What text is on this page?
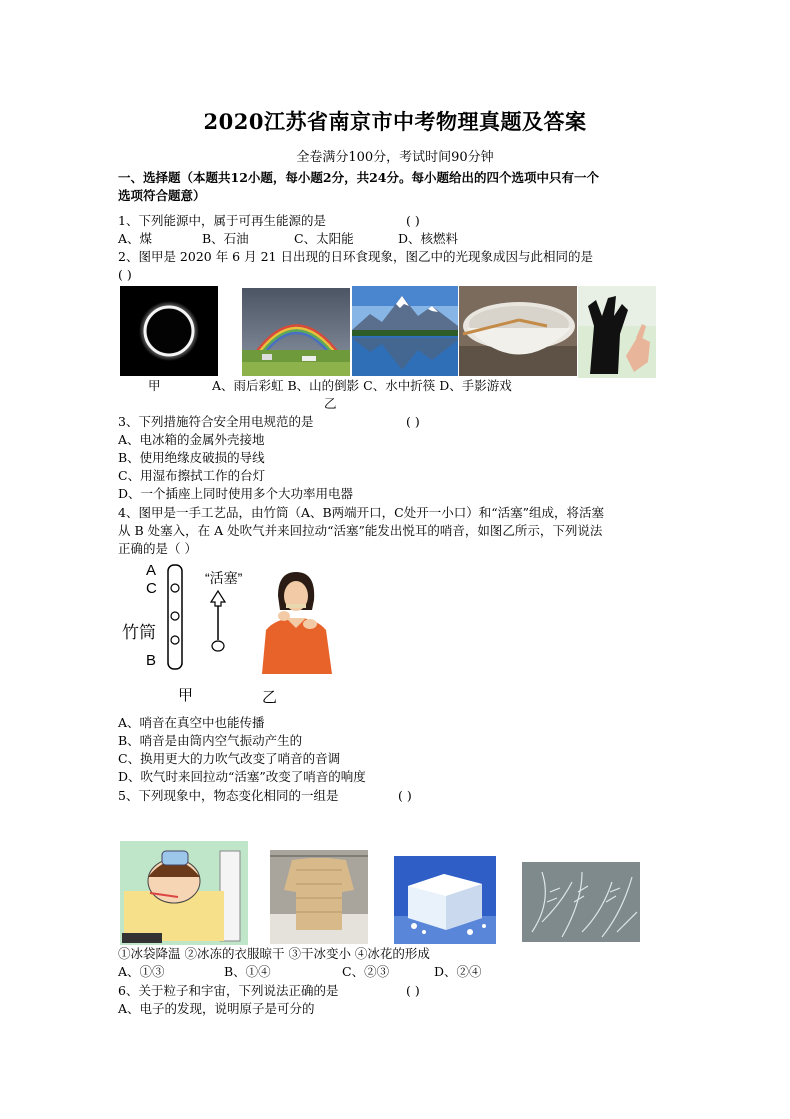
2020江苏省南京市中考物理真题及答案
全卷满分100分，考试时间90分钟
一、选择题（本题共12小题，每小题2分，共24分。每小题给出的四个选项中只有一个
选项符合题意）
1、下列能源中，属于可再生能源的是	( )
A、煤	B、石油	C、太阳能	D、核燃料
2、图甲是 2020 年 6 月 21 日出现的日环食现象，图乙中的光现象成因与此相同的是
( )
甲	A、雨后彩虹 B、山的倒影 C、水中折筷 D、手影游戏
乙
3、下列措施符合安全用电规范的是	( )
A、电冰箱的金属外壳接地
B、使用绝缘皮破损的导线
C、用湿布擦拭工作的台灯
D、一个插座上同时使用多个大功率用电器
4、图甲是一手工艺品，由竹筒（A、B两端开口，C处开一小口）和“活塞”组成，将活塞
从 B 处塞入，在 A 处吹气并来回拉动“活塞”能发出悦耳的哨音，如图乙所示，下列说法
正确的是（ ）
A
C
竹筒
B
甲
“活塞”
乙
A、哨音在真空中也能传播
B、哨音是由筒内空气振动产生的
C、换用更大的力吹气改变了哨音的音调
D、吹气时来回拉动“活塞”改变了哨音的响度
5、下列现象中，物态变化相同的一组是	( )
①冰袋降温 ②冰冻的衣服晾干 ③干冰变小 ④冰花的形成
A、①③	B、①④	C、②③	D、②④
6、关于粒子和宇宙，下列说法正确的是	( )
A、电子的发现，说明原子是可分的
